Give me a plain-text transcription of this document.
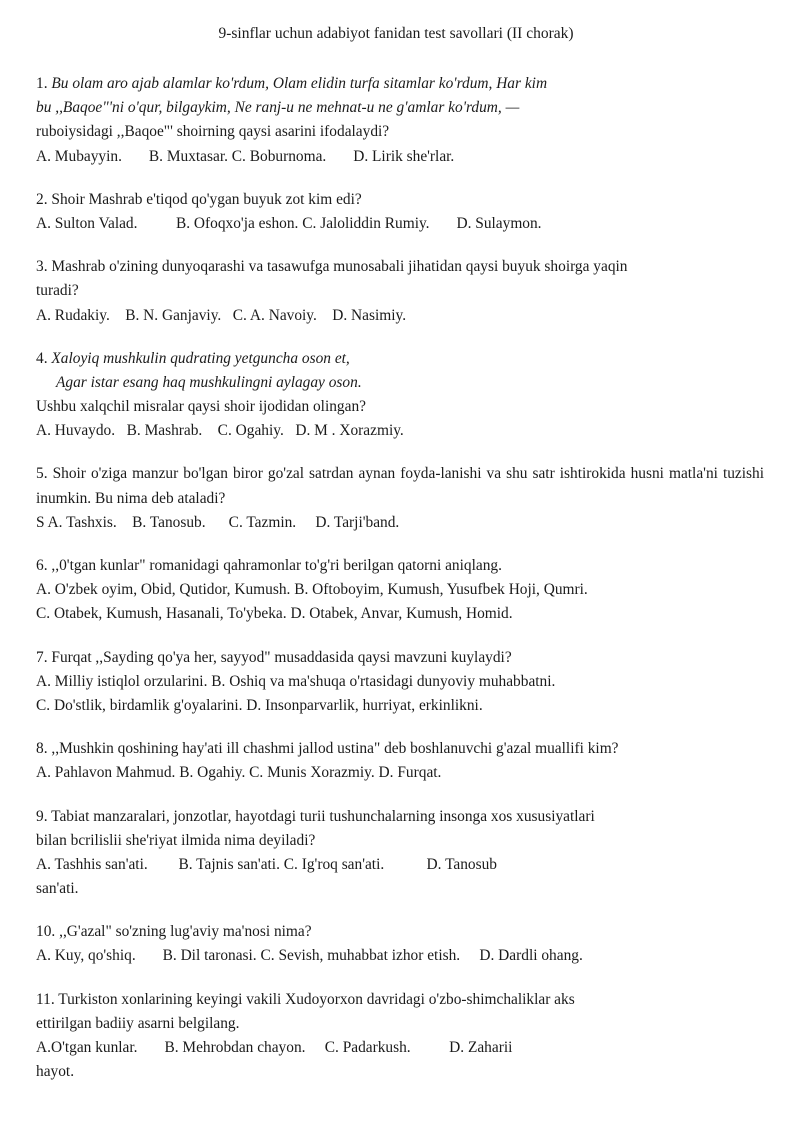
9-sinflar uchun adabiyot fanidan test savollari (II chorak)

1. Bu olam aro ajab alamlar ko'rdum, Olam elidin turfa sitamlar ko'rdum, Har kim

bu ,,Baqoe"'ni o'qur, bilgaykim, Ne ranj-u ne mehnat-u ne g'amlar ko'rdum, —

ruboiysidagi ,,Baqoe"' shoirning qaysi asarini ifodalaydi?

A. Mubayyin.       B. Muxtasar. C. Boburnoma.       D. Lirik she'rlar.

2. Shoir Mashrab e'tiqod qo'ygan buyuk zot kim edi?

A. Sulton Valad.          B. Ofoqxo'ja eshon. C. Jaloliddin Rumiy.       D. Sulaymon.

3. Mashrab o'zining dunyoqarashi va tasawufga munosabali jihatidan qaysi buyuk shoirga yaqin

turadi?

A. Rudakiy.    B. N. Ganjaviy.   C. A. Navoiy.    D. Nasimiy.

4. Xaloyiq mushkulin qudrating yetguncha oson et,

Agar istar esang haq mushkulingni aylagay oson.

Ushbu xalqchil misralar qaysi shoir ijodidan olingan?

A. Huvaydo.   B. Mashrab.    C. Ogahiy.   D. M . Xorazmiy.

5. Shoir o'ziga manzur bo'lgan biror go'zal satrdan aynan foyda-lanishi va shu satr ishtirokida husni matla'ni tuzishi inumkin. Bu nima deb ataladi?

S A. Tashxis.    B. Tanosub.      C. Tazmin.     D. Tarji'band.

6. ,,0'tgan kunlar" romanidagi qahramonlar to'g'ri berilgan qatorni aniqlang.

A. O'zbek oyim, Obid, Qutidor, Kumush. B. Oftoboyim, Kumush, Yusufbek Hoji, Qumri.

C. Otabek, Kumush, Hasanali, To'ybeka. D. Otabek, Anvar, Kumush, Homid.

7. Furqat ,,Sayding qo'ya her, sayyod" musaddasida qaysi mavzuni kuylaydi?

A. Milliy istiqlol orzularini. B. Oshiq va ma'shuqa o'rtasidagi dunyoviy muhabbatni.

C. Do'stlik, birdamlik g'oyalarini. D. Insonparvarlik, hurriyat, erkinlikni.

8. ,,Mushkin qoshining hay'ati ill chashmi jallod ustina" deb boshlanuvchi g'azal muallifi kim?

A. Pahlavon Mahmud. B. Ogahiy. C. Munis Xorazmiy. D. Furqat.

9. Tabiat manzaralari, jonzotlar, hayotdagi turii tushunchalarning insonga xos xususiyatlari

bilan bcrilislii she'riyat ilmida nima deyiladi?

A. Tashhis san'ati.        B. Tajnis san'ati. C. Ig'roq san'ati.           D. Tanosub

san'ati.

10. ,,G'azal" so'zning lug'aviy ma'nosi nima?

A. Kuy, qo'shiq.       B. Dil taronasi. C. Sevish, muhabbat izhor etish.     D. Dardli ohang.

11. Turkiston xonlarining keyingi vakili Xudoyorxon davridagi o'zbo-shimchaliklar aks

ettirilgan badiiy asarni belgilang.

A.O'tgan kunlar.       B. Mehrobdan chayon.     C. Padarkush.          D. Zaharii

hayot.
